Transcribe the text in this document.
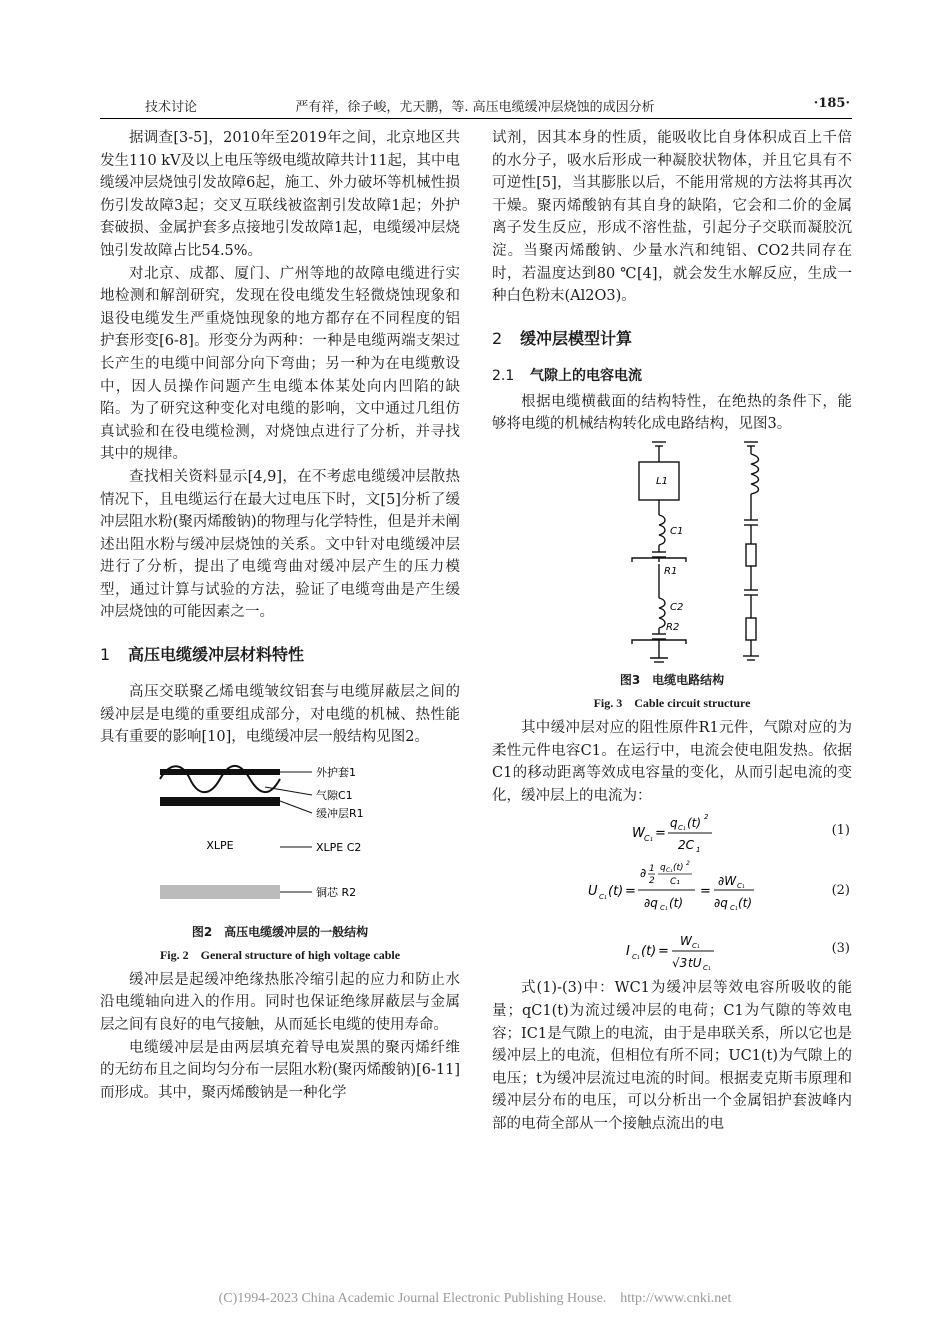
技术讨论	严有祥，徐子峻，尤天鹏，等. 高压电缆缓冲层烧蚀的成因分析	·185·

据调查[3-5]，2010年至2019年之间，北京地区共发生110 kV及以上电压等级电缆故障共计11起，其中电缆缓冲层烧蚀引发故障6起，施工、外力破坏等机械性损伤引发故障3起；交叉互联线被盗割引发故障1起；外护套破损、金属护套多点接地引发故障1起，电缆缓冲层烧蚀引发故障占比54.5%。

对北京、成都、厦门、广州等地的故障电缆进行实地检测和解剖研究，发现在役电缆发生轻微烧蚀现象和退役电缆发生严重烧蚀现象的地方都存在不同程度的铝护套形变[6-8]。形变分为两种：一种是电缆两端支架过长产生的电缆中间部分向下弯曲；另一种为在电缆敷设中，因人员操作问题产生电缆本体某处向内凹陷的缺陷。为了研究这种变化对电缆的影响，文中通过几组仿真试验和在役电缆检测，对烧蚀点进行了分析，并寻找其中的规律。

查找相关资料显示[4,9]，在不考虑电缆缓冲层散热情况下，且电缆运行在最大过电压下时，文[5]分析了缓冲层阻水粉(聚丙烯酸钠)的物理与化学特性，但是并未阐述出阻水粉与缓冲层烧蚀的关系。文中针对电缆缓冲层进行了分析，提出了电缆弯曲对缓冲层产生的压力模型，通过计算与试验的方法，验证了电缆弯曲是产生缓冲层烧蚀的可能因素之一。

1 高压电缆缓冲层材料特性

高压交联聚乙烯电缆皱纹铝套与电缆屏蔽层之间的缓冲层是电缆的重要组成部分，对电缆的机械、热性能具有重要的影响[10]，电缆缓冲层一般结构见图2。

XLPE
外护套1
气隙C1
缓冲层R1
XLPE C2
铜芯 R2
图2　高压电缆缓冲层的一般结构
Fig. 2　General structure of high voltage cable

缓冲层是起缓冲绝缘热胀冷缩引起的应力和防止水沿电缆轴向进入的作用。同时也保证绝缘屏蔽层与金属层之间有良好的电气接触，从而延长电缆的使用寿命。

电缆缓冲层是由两层填充着导电炭黑的聚丙烯纤维的无纺布且之间均匀分布一层阻水粉(聚丙烯酸钠)[6-11]而形成。其中，聚丙烯酸钠是一种化学

试剂，因其本身的性质，能吸收比自身体积成百上千倍的水分子，吸水后形成一种凝胶状物体，并且它具有不可逆性[5]，当其膨胀以后，不能用常规的方法将其再次干燥。聚丙烯酸钠有其自身的缺陷，它会和二价的金属离子发生反应，形成不溶性盐，引起分子交联而凝胶沉淀。当聚丙烯酸钠、少量水汽和纯铝、CO2共同存在时，若温度达到80 ℃[4]，就会发生水解反应，生成一种白色粉末(Al2O3)。

2 缓冲层模型计算
2.1 气隙上的电容电流

根据电缆横截面的结构特性，在绝热的条件下，能够将电缆的机械结构转化成电路结构，见图3。

L1
C1
R1
C2
R2
图3　电缆电路结构
Fig. 3　Cable circuit structure

其中缓冲层对应的阻性原件R1元件，气隙对应的为柔性元件电容C1。在运行中，电流会使电阻发热。依据C1的移动距离等效成电容量的变化，从而引起电流的变化，缓冲层上的电流为：

W C₁ =
q C₁ (t) 2
2C 1
(1)
U C₁ (t) =
∂ 1
2
q C₁ (t) 2
C₁
∂q C₁ (t)
=
∂W C₁
∂q C₁ (t)
(2)
I C₁ (t) =
W C₁
√3 tU C₁
(3)

式(1)-(3)中：WC1为缓冲层等效电容所吸收的能量；qC1(t)为流过缓冲层的电荷；C1为气隙的等效电容；IC1是气隙上的电流，由于是串联关系，所以它也是缓冲层上的电流，但相位有所不同；UC1(t)为气隙上的电压；t为缓冲层流过电流的时间。根据麦克斯韦原理和缓冲层分布的电压，可以分析出一个金属铝护套波峰内部的电荷全部从一个接触点流出的电

(C)1994-2023 China Academic Journal Electronic Publishing House.　http://www.cnki.net
